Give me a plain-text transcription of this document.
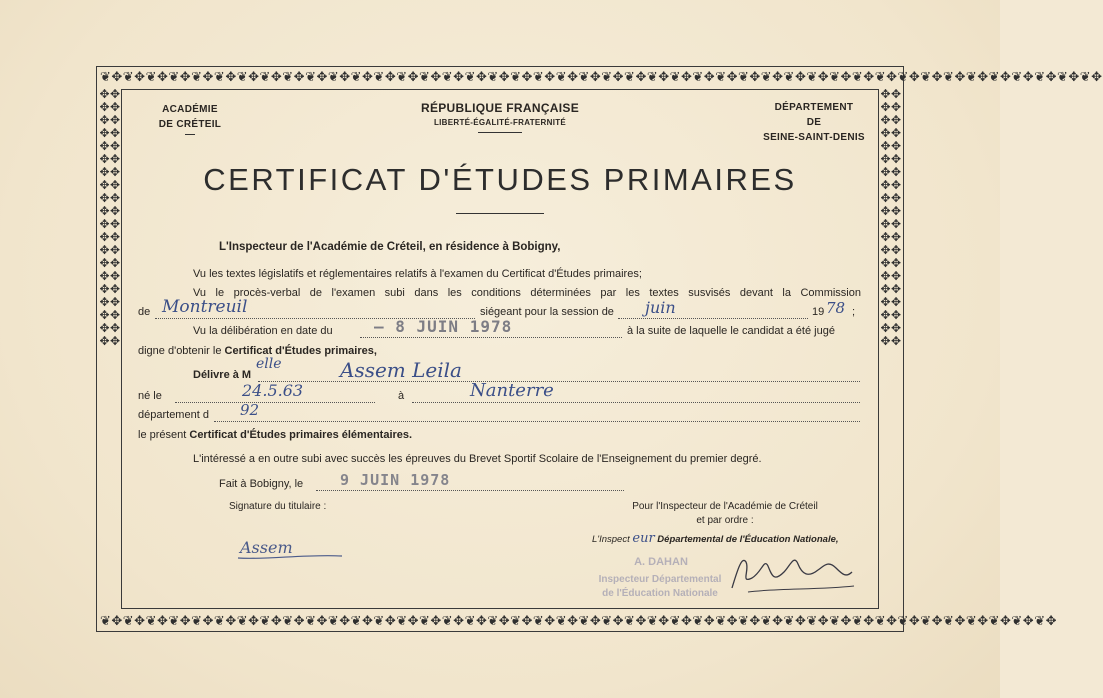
❦✥❦✥❦✥❦✥❦✥❦✥❦✥❦✥❦✥❦✥❦✥❦✥❦✥❦✥❦✥❦✥❦✥❦✥❦✥❦✥❦✥❦✥❦✥❦✥❦✥❦✥❦✥❦✥❦✥❦✥❦✥❦✥❦✥❦✥❦✥❦✥❦✥❦✥❦✥❦✥❦✥❦✥❦✥❦✥
❦✥❦✥❦✥❦✥❦✥❦✥❦✥❦✥❦✥❦✥❦✥❦✥❦✥❦✥❦✥❦✥❦✥❦✥❦✥❦✥❦✥❦✥❦✥❦✥❦✥❦✥❦✥❦✥❦✥❦✥❦✥❦✥❦✥❦✥❦✥❦✥❦✥❦✥❦✥❦✥❦✥❦✥
✥✥✥✥✥✥✥✥✥✥✥✥✥✥✥✥✥✥✥✥✥✥✥✥✥✥✥✥✥✥✥✥✥✥✥✥✥✥✥✥
✥✥✥✥✥✥✥✥✥✥✥✥✥✥✥✥✥✥✥✥✥✥✥✥✥✥✥✥✥✥✥✥✥✥✥✥✥✥✥✥
ACADÉMIE
DE CRÉTEIL
RÉPUBLIQUE FRANÇAISE
LIBERTÉ-ÉGALITÉ-FRATERNITÉ
DÉPARTEMENT
DE
SEINE-SAINT-DENIS
CERTIFICAT D'ÉTUDES PRIMAIRES
L'Inspecteur de l'Académie de Créteil, en résidence à Bobigny,
Vu les textes législatifs et réglementaires relatifs à l'examen du Certificat d'Études primaires;
Vu le procès-verbal de l'examen subi dans les conditions déterminées par les textes susvisés devant la Commission
de Montreuil	siégeant pour la session de juin	19 78 ;
Vu la délibération en date du	– 8 JUIN 1978	à la suite de laquelle le candidat a été jugé
digne d'obtenir le Certificat d'Études primaires,
Délivre à M
elle	Assem Leila
né le	24.5.63	à	Nanterre
département d 92
le présent Certificat d'Études primaires élémentaires.
L'intéressé a en outre subi avec succès les épreuves du Brevet Sportif Scolaire de l'Enseignement du premier degré.
Fait à Bobigny, le 9 JUIN 1978
Signature du titulaire :
Assem
Pour l'Inspecteur de l'Académie de Créteil
et par ordre :
L'Inspect eur Départemental de l'Éducation Nationale,
A. DAHAN
Inspecteur Départemental
de l'Éducation Nationale
